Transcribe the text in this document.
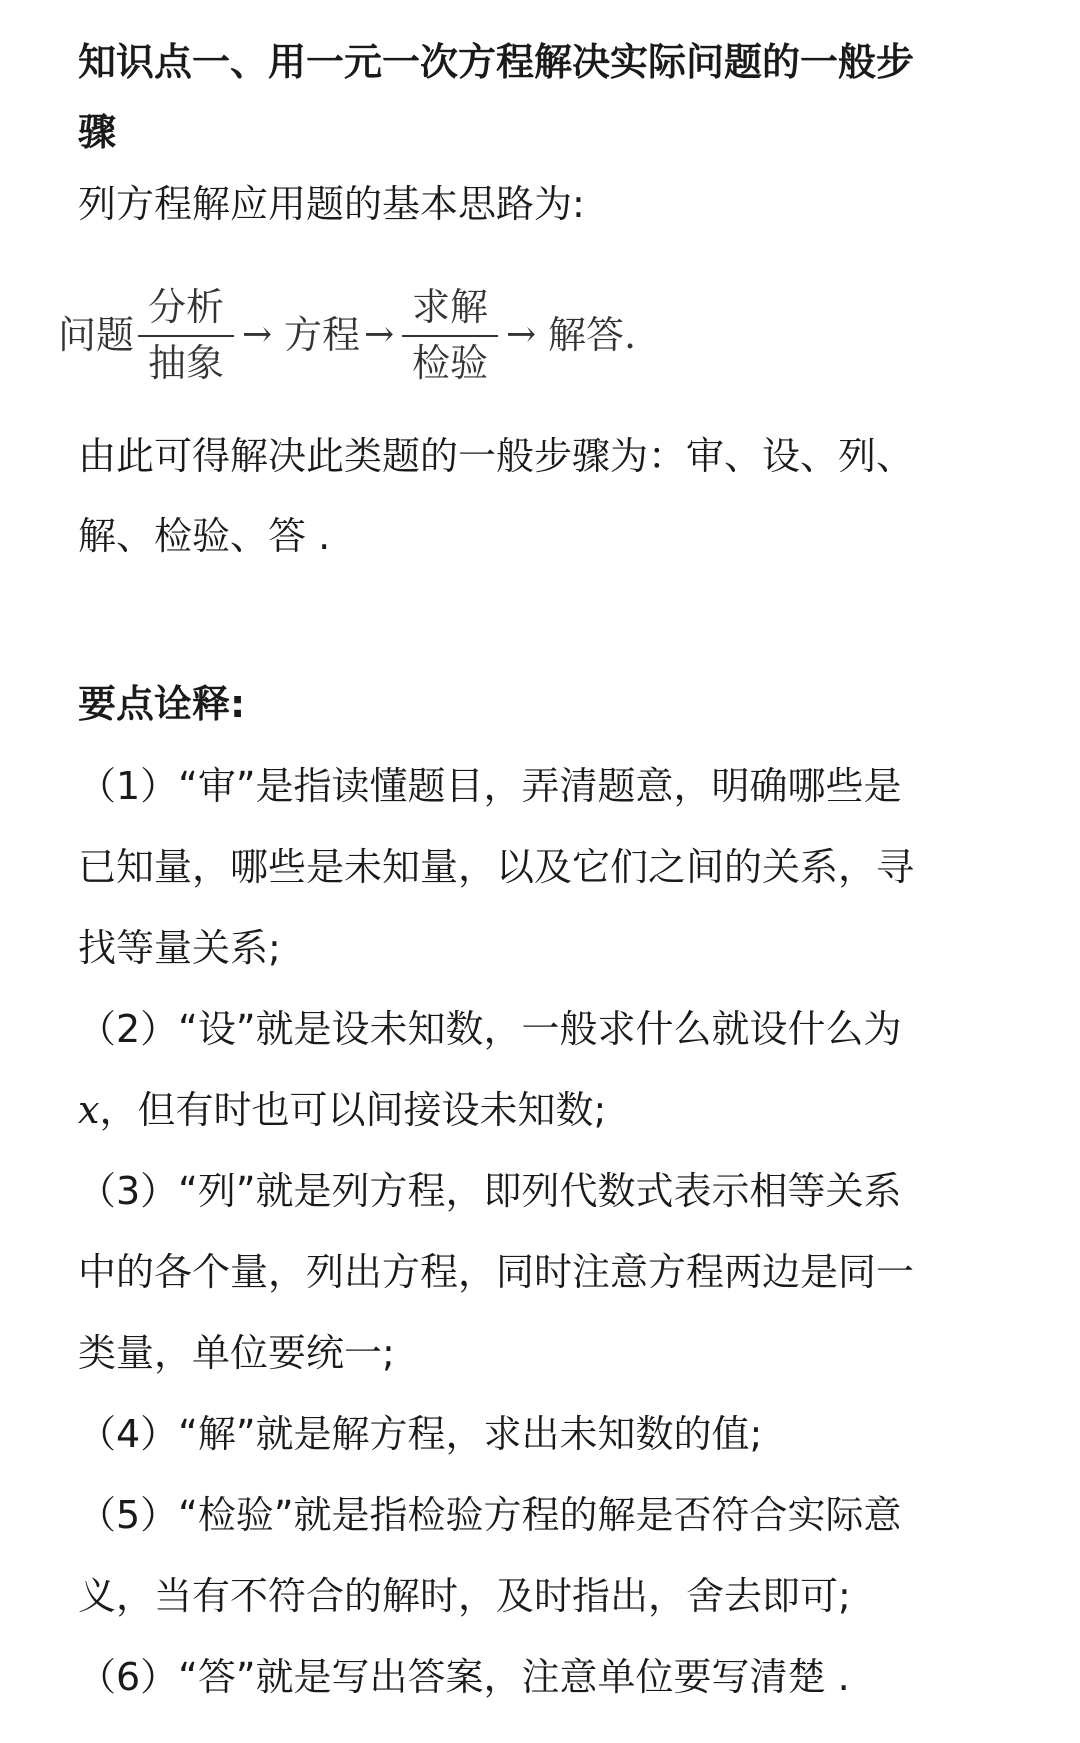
知识点一、用一元一次方程解决实际问题的一般步
骤
列方程解应用题的基本思路为:
问题
分析
抽象
→ 方程 →
求解
检验
→ 解答.
由此可得解决此类题的一般步骤为：审、设、列、
解、检验、答 .
要点诠释:
（1）“审”是指读懂题目，弄清题意，明确哪些是
已知量，哪些是未知量，以及它们之间的关系，寻
找等量关系;
（2）“设”就是设未知数，一般求什么就设什么为
x，但有时也可以间接设未知数;
（3）“列”就是列方程，即列代数式表示相等关系
中的各个量，列出方程，同时注意方程两边是同一
类量，单位要统一;
（4）“解”就是解方程，求出未知数的值;
（5）“检验”就是指检验方程的解是否符合实际意
义，当有不符合的解时，及时指出，舍去即可;
（6）“答”就是写出答案，注意单位要写清楚 .
